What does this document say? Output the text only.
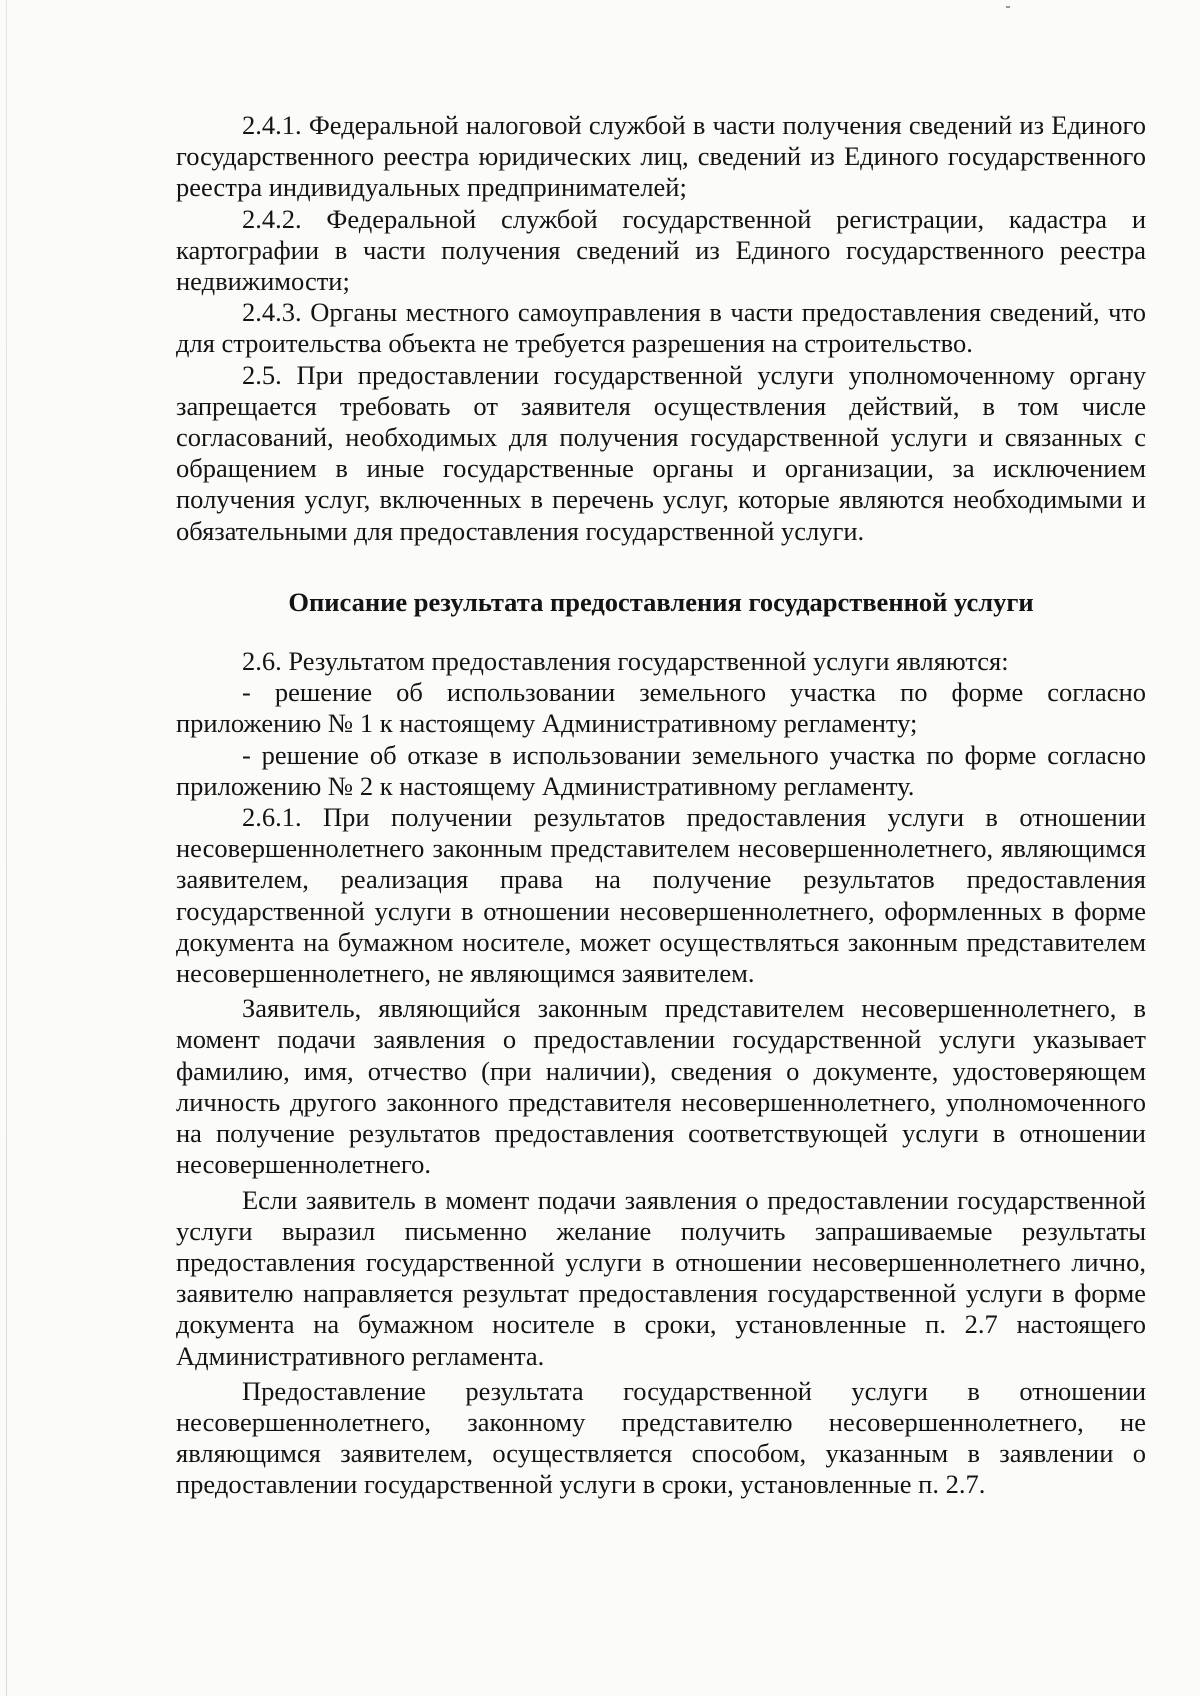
2.4.1. Федеральной налоговой службой в части получения сведений из Единого государственного реестра юридических лиц, сведений из Единого государственного реестра индивидуальных предпринимателей;

2.4.2. Федеральной службой государственной регистрации, кадастра и картографии в части получения сведений из Единого государственного реестра недвижимости;

2.4.3. Органы местного самоуправления в части предоставления сведений, что для строительства объекта не требуется разрешения на строительство.

2.5. При предоставлении государственной услуги уполномоченному органу запрещается требовать от заявителя осуществления действий, в том числе согласований, необходимых для получения государственной услуги и связанных с обращением в иные государственные органы и организации, за исключением получения услуг, включенных в перечень услуг, которые являются необходимыми и обязательными для предоставления государственной услуги.

Описание результата предоставления государственной услуги

2.6. Результатом предоставления государственной услуги являются:

- решение об использовании земельного участка по форме согласно приложению № 1 к настоящему Административному регламенту;

- решение об отказе в использовании земельного участка по форме согласно приложению № 2 к настоящему Административному регламенту.

2.6.1. При получении результатов предоставления услуги в отношении несовершеннолетнего законным представителем несовершеннолетнего, являющимся заявителем, реализация права на получение результатов предоставления государственной услуги в отношении несовершеннолетнего, оформленных в форме документа на бумажном носителе, может осуществляться законным представителем несовершеннолетнего, не являющимся заявителем.

Заявитель, являющийся законным представителем несовершеннолетнего, в момент подачи заявления о предоставлении государственной услуги указывает фамилию, имя, отчество (при наличии), сведения о документе, удостоверяющем личность другого законного представителя несовершеннолетнего, уполномоченного на получение результатов предоставления соответствующей услуги в отношении несовершеннолетнего.

Если заявитель в момент подачи заявления о предоставлении государственной услуги выразил письменно желание получить запрашиваемые результаты предоставления государственной услуги в отношении несовершеннолетнего лично, заявителю направляется результат предоставления государственной услуги в форме документа на бумажном носителе в сроки, установленные п. 2.7 настоящего Административного регламента.

Предоставление результата государственной услуги в отношении несовершеннолетнего, законному представителю несовершеннолетнего, не являющимся заявителем, осуществляется способом, указанным в заявлении о предоставлении государственной услуги в сроки, установленные п. 2.7.
